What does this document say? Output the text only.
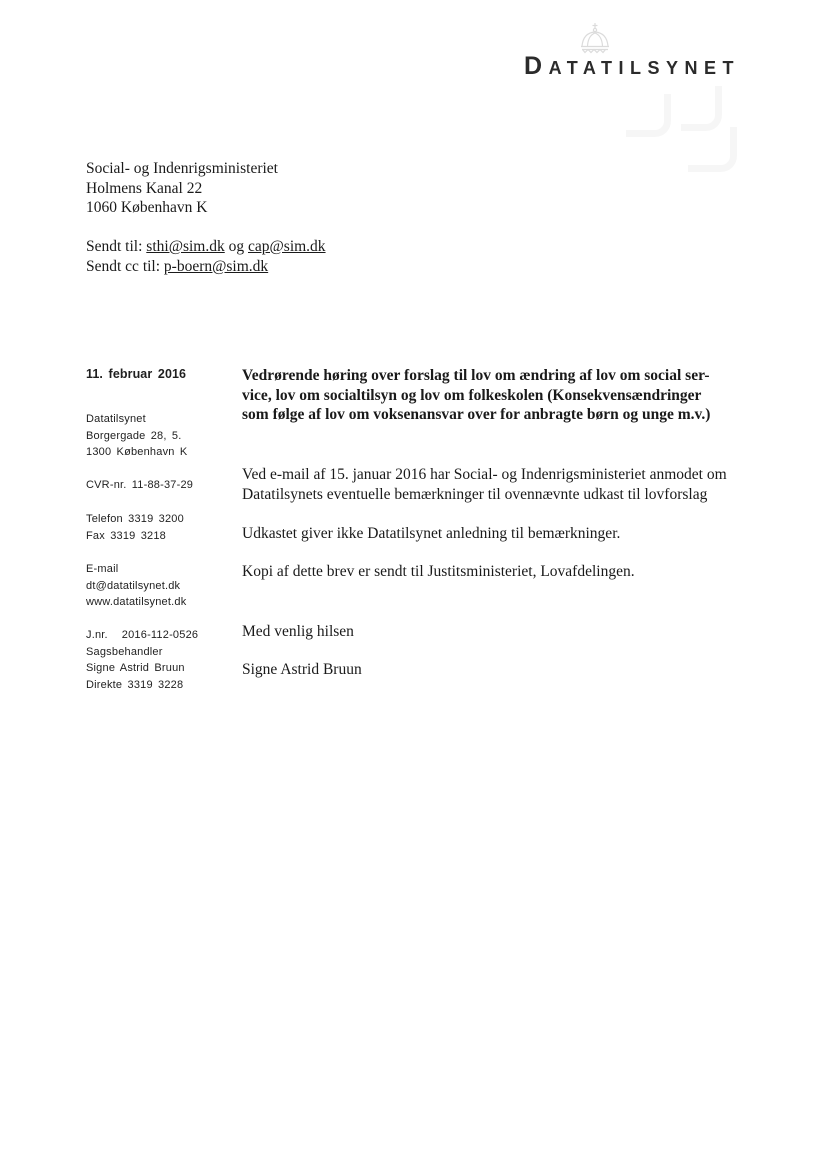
DATATILSYNET
Social- og Indenrigsministeriet
Holmens Kanal 22
1060 København K
Sendt til: sthi@sim.dk og cap@sim.dk
Sendt cc til: p-boern@sim.dk
11. februar 2016
Datatilsynet
Borgergade 28, 5.
1300 København K
CVR-nr. 11-88-37-29
Telefon 3319 3200
Fax 3319 3218
E-mail
dt@datatilsynet.dk
www.datatilsynet.dk
J.nr. 2016-112-0526
Sagsbehandler
Signe Astrid Bruun
Direkte 3319 3228
Vedrørende høring over forslag til lov om ændring af lov om social ser-
vice, lov om socialtilsyn og lov om folkeskolen (Konsekvensændringer
som følge af lov om voksenansvar over for anbragte børn og unge m.v.)
Ved e-mail af 15. januar 2016 har Social- og Indenrigsministeriet anmodet om
Datatilsynets eventuelle bemærkninger til ovennævnte udkast til lovforslag
Udkastet giver ikke Datatilsynet anledning til bemærkninger.
Kopi af dette brev er sendt til Justitsministeriet, Lovafdelingen.
Med venlig hilsen
Signe Astrid Bruun
